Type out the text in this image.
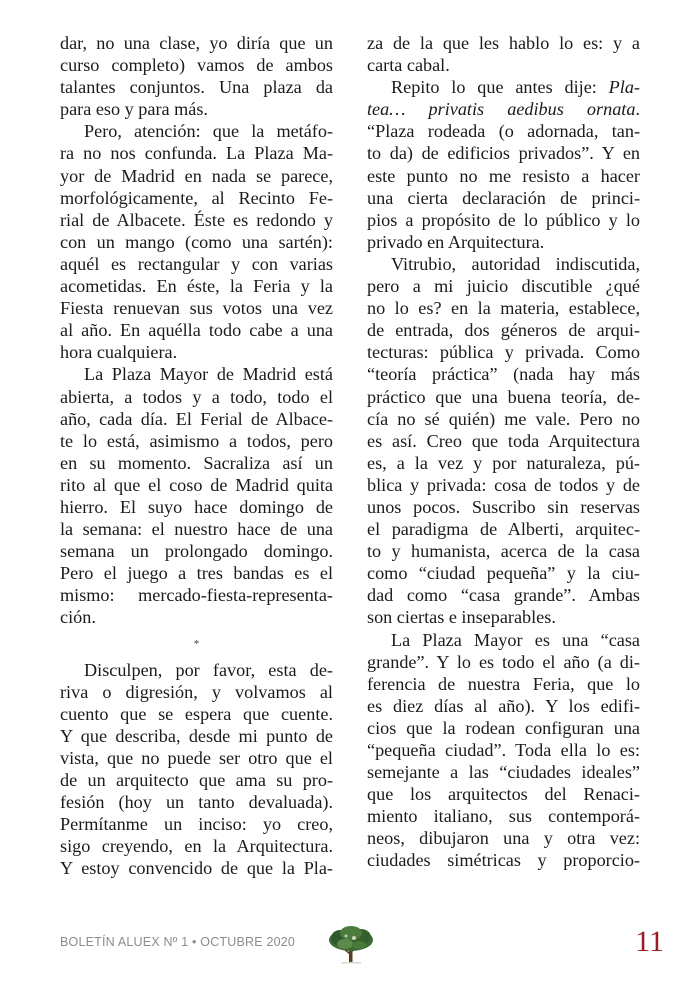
dar, no una clase, yo diría que un
curso completo) vamos de ambos
talantes conjuntos. Una plaza da
para eso y para más.
Pero, atención: que la metáfo-
ra no nos confunda. La Plaza Ma-
yor de Madrid en nada se parece,
morfológicamente, al Recinto Fe-
rial de Albacete. Éste es redondo y
con un mango (como una sartén):
aquél es rectangular y con varias
acometidas. En éste, la Feria y la
Fiesta renuevan sus votos una vez
al año. En aquélla todo cabe a una
hora cualquiera.
La Plaza Mayor de Madrid está
abierta, a todos y a todo, todo el
año, cada día. El Ferial de Albace-
te lo está, asimismo a todos, pero
en su momento. Sacraliza así un
rito al que el coso de Madrid quita
hierro. El suyo hace domingo de
la semana: el nuestro hace de una
semana un prolongado domingo.
Pero el juego a tres bandas es el
mismo: mercado-fiesta-representa-
ción.
*
Disculpen, por favor, esta de-
riva o digresión, y volvamos al
cuento que se espera que cuente.
Y que describa, desde mi punto de
vista, que no puede ser otro que el
de un arquitecto que ama su pro-
fesión (hoy un tanto devaluada).
Permítanme un inciso: yo creo,
sigo creyendo, en la Arquitectura.
Y estoy convencido de que la Pla-
za de la que les hablo lo es: y a
carta cabal.
Repito lo que antes dije: Pla-
tea… privatis aedibus ornata.
“Plaza rodeada (o adornada, tan-
to da) de edificios privados”. Y en
este punto no me resisto a hacer
una cierta declaración de princi-
pios a propósito de lo público y lo
privado en Arquitectura.
Vitrubio, autoridad indiscutida,
pero a mi juicio discutible ¿qué
no lo es? en la materia, establece,
de entrada, dos géneros de arqui-
tecturas: pública y privada. Como
“teoría práctica” (nada hay más
práctico que una buena teoría, de-
cía no sé quién) me vale. Pero no
es así. Creo que toda Arquitectura
es, a la vez y por naturaleza, pú-
blica y privada: cosa de todos y de
unos pocos. Suscribo sin reservas
el paradigma de Alberti, arquitec-
to y humanista, acerca de la casa
como “ciudad pequeña” y la ciu-
dad como “casa grande”. Ambas
son ciertas e inseparables.
La Plaza Mayor es una “casa
grande”. Y lo es todo el año (a di-
ferencia de nuestra Feria, que lo
es diez días al año). Y los edifi-
cios que la rodean configuran una
“pequeña ciudad”. Toda ella lo es:
semejante a las “ciudades ideales”
que los arquitectos del Renaci-
miento italiano, sus contemporá-
neos, dibujaron una y otra vez:
ciudades simétricas y proporcio-
BOLETÍN ALUEX Nº 1 • OCTUBRE 2020	11
